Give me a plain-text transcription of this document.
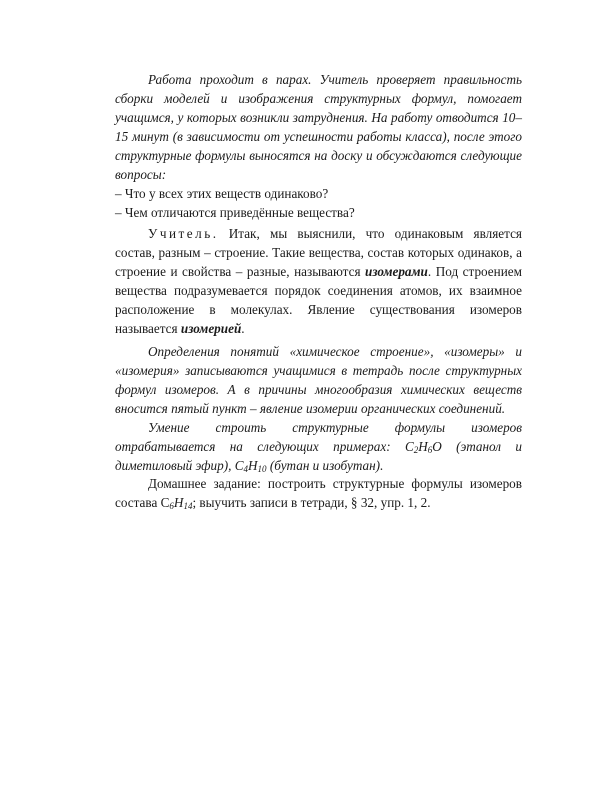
Работа проходит в парах. Учитель проверяет правильность сборки моделей и изображения структурных формул, помогает учащимся, у которых возникли затруднения. На работу отводится 10–15 минут (в зависимости от успешности работы класса), после этого структурные формулы выносятся на доску и обсуждаются следующие вопросы:

– Что у всех этих веществ одинаково?

– Чем отличаются приведённые вещества?

Учитель. Итак, мы выяснили, что одинаковым является состав, разным – строение. Такие вещества, состав которых одинаков, а строение и свойства – разные, называются изомерами. Под строением вещества подразумевается порядок соединения атомов, их взаимное расположение в молекулах. Явление существования изомеров называется изомерией.

Определения понятий «химическое строение», «изомеры» и «изомерия» записываются учащимися в тетрадь после структурных формул изомеров. А в причины многообразия химических веществ вносится пятый пункт – явление изомерии органических соединений.

Умение строить структурные формулы изомеров отрабатывается на следующих примерах: $C_2H_6O$ (этанол и диметиловый эфир), $C_4H_{10}$ (бутан и изобутан).

Домашнее задание: построить структурные формулы изомеров состава $C_6H_{14}$; выучить записи в тетради, § 32, упр. 1, 2.
